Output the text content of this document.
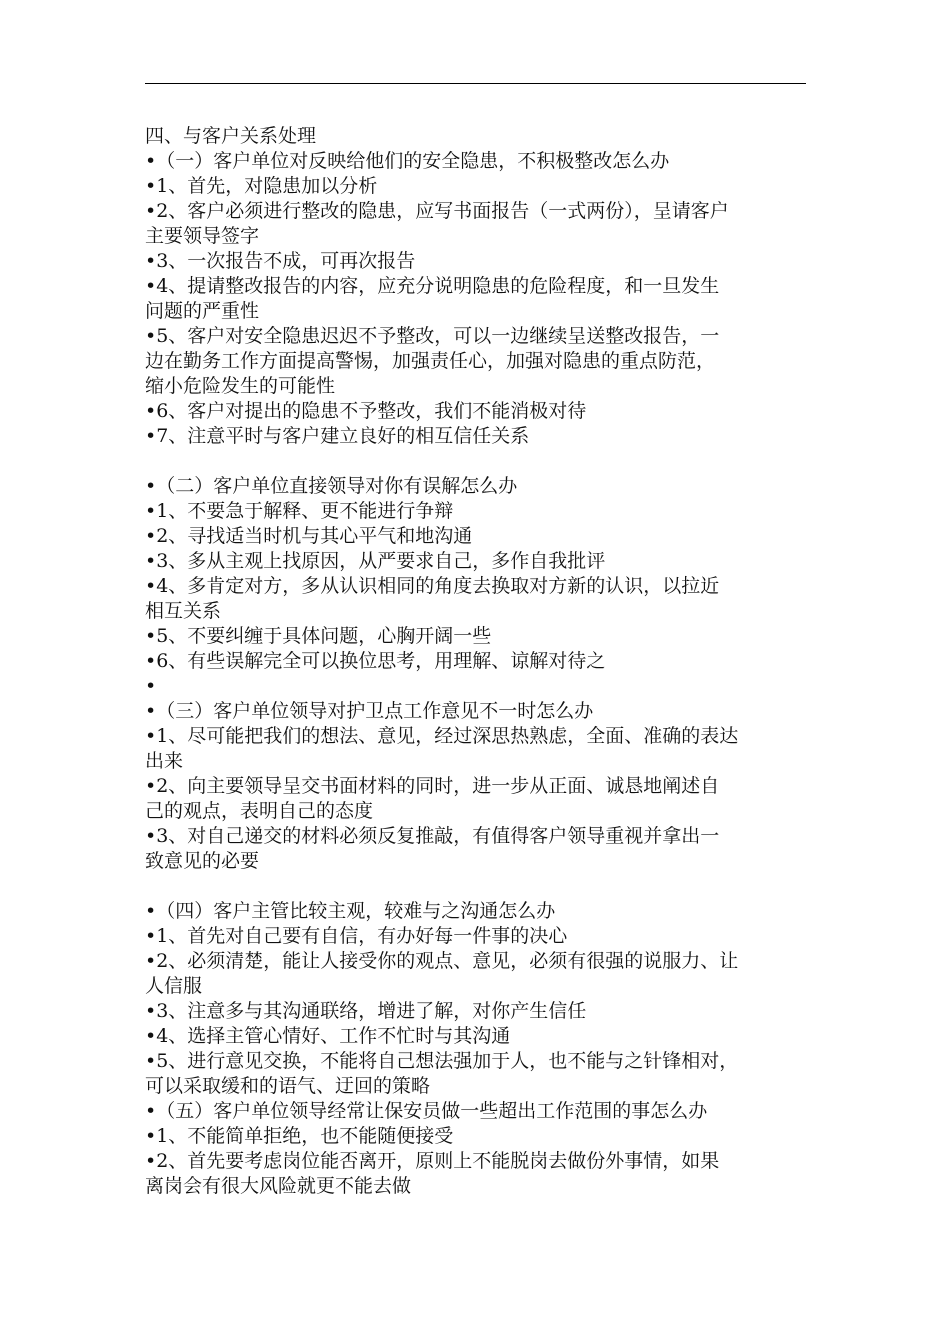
四、与客户关系处理

•（一）客户单位对反映给他们的安全隐患，不积极整改怎么办

•1、首先，对隐患加以分析

•2、客户必须进行整改的隐患，应写书面报告（一式两份），呈请客户

主要领导签字

•3、一次报告不成，可再次报告

•4、提请整改报告的内容，应充分说明隐患的危险程度，和一旦发生

问题的严重性

•5、客户对安全隐患迟迟不予整改，可以一边继续呈送整改报告，一

边在勤务工作方面提高警惕，加强责任心，加强对隐患的重点防范，

缩小危险发生的可能性

•6、客户对提出的隐患不予整改，我们不能消极对待

•7、注意平时与客户建立良好的相互信任关系

•（二）客户单位直接领导对你有误解怎么办

•1、不要急于解释、更不能进行争辩

•2、寻找适当时机与其心平气和地沟通

•3、多从主观上找原因，从严要求自己，多作自我批评

•4、多肯定对方，多从认识相同的角度去换取对方新的认识，以拉近

相互关系

•5、不要纠缠于具体问题，心胸开阔一些

•6、有些误解完全可以换位思考，用理解、谅解对待之

•

•（三）客户单位领导对护卫点工作意见不一时怎么办

•1、尽可能把我们的想法、意见，经过深思热熟虑，全面、准确的表达

出来

•2、向主要领导呈交书面材料的同时，进一步从正面、诚恳地阐述自

己的观点，表明自己的态度

•3、对自己递交的材料必须反复推敲，有值得客户领导重视并拿出一

致意见的必要

•（四）客户主管比较主观，较难与之沟通怎么办

•1、首先对自己要有自信，有办好每一件事的决心

•2、必须清楚，能让人接受你的观点、意见，必须有很强的说服力、让

人信服

•3、注意多与其沟通联络，增进了解，对你产生信任

•4、选择主管心情好、工作不忙时与其沟通

•5、进行意见交换，不能将自己想法强加于人，也不能与之针锋相对，

可以采取缓和的语气、迂回的策略

•（五）客户单位领导经常让保安员做一些超出工作范围的事怎么办

•1、不能简单拒绝，也不能随便接受

•2、首先要考虑岗位能否离开，原则上不能脱岗去做份外事情，如果

离岗会有很大风险就更不能去做
